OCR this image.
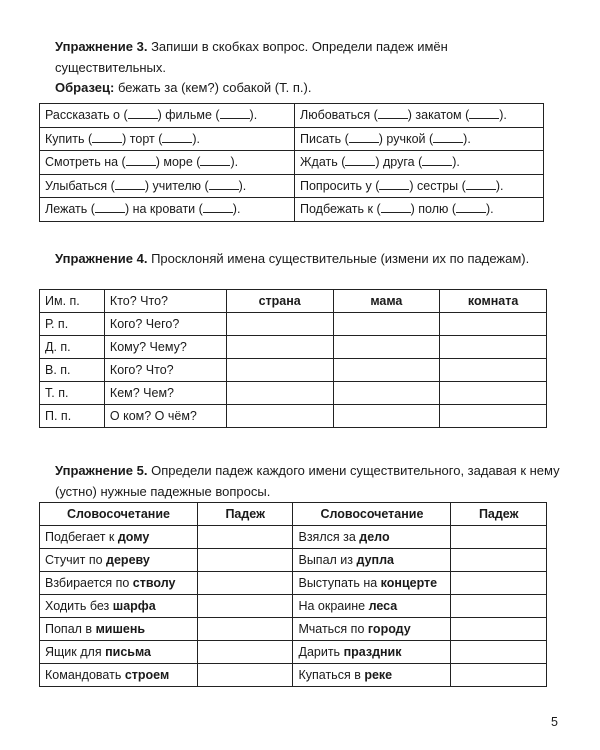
Упражнение 3. Запиши в скобках вопрос. Определи падеж имён существительных.

Образец: бежать за (кем?) собакой (Т. п.).
Рассказать о ( ) фильме ( ).	Любоваться ( ) закатом ( ).
Купить ( ) торт ( ).	Писать ( ) ручкой ( ).
Смотреть на ( ) море ( ).	Ждать ( ) друга ( ).
Улыбаться ( ) учителю ( ).	Попросить у ( ) сестры ( ).
Лежать ( ) на кровати ( ).	Подбежать к ( ) полю ( ).

Упражнение 4. Просклоняй имена существительные (измени их по падежам).

Им. п.	Кто? Что?	страна	мама	комната
Р. п.	Кого? Чего?			
Д. п.	Кому? Чему?			
В. п.	Кого? Что?			
Т. п.	Кем? Чем?			
П. п.	О ком? О чём?			

Упражнение 5. Определи падеж каждого имени существительного, задавая к нему (устно) нужные падежные вопросы.

Словосочетание	Падеж	Словосочетание	Падеж
Подбегает к дому		Взялся за дело	
Стучит по дереву		Выпал из дупла	
Взбирается по стволу		Выступать на концерте	
Ходить без шарфа		На окраине леса	
Попал в мишень		Мчаться по городу	
Ящик для письма		Дарить праздник	
Командовать строем		Купаться в реке	
5
